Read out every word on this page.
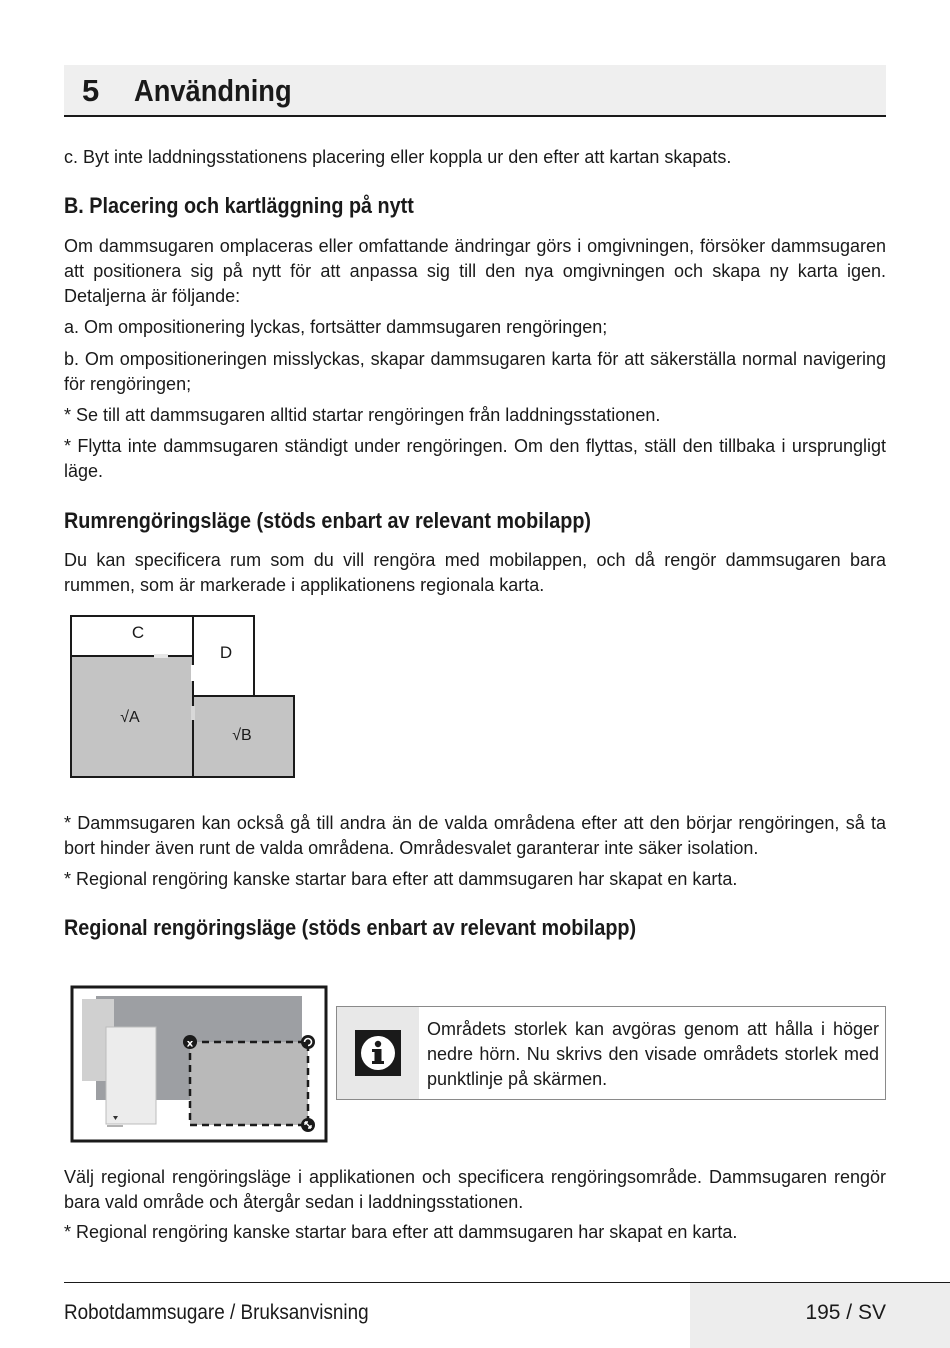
5 Användning

c. Byt inte laddningsstationens placering eller koppla ur den efter att kartan skapats.

B. Placering och kartläggning på nytt

Om dammsugaren omplaceras eller omfattande ändringar görs i omgivningen, försöker dammsugaren att positionera sig på nytt för att anpassa sig till den nya omgivningen och skapa ny karta igen. Detaljerna är följande:

a. Om ompositionering lyckas, fortsätter dammsugaren rengöringen;

b. Om ompositioneringen misslyckas, skapar dammsugaren karta för att säkerställa normal navigering för rengöringen;

* Se till att dammsugaren alltid startar rengöringen från laddningsstationen.

* Flytta inte dammsugaren ständigt under rengöringen. Om den flyttas, ställ den tillbaka i ursprungligt läge.

Rumrengöringsläge (stöds enbart av relevant mobilapp)

Du kan specificera rum som du vill rengöra med mobilappen, och då rengör dammsugaren bara rummen, som är markerade i applikationens regionala karta.

C
D
√A
√B

* Dammsugaren kan också gå till andra än de valda områdena efter att den börjar rengöringen, så ta bort hinder även runt de valda områdena. Områdesvalet garanterar inte säker isolation.

* Regional rengöring kanske startar bara efter att dammsugaren har skapat en karta.

Regional rengöringsläge (stöds enbart av relevant mobilapp)
x
Områdets storlek kan avgöras genom att hålla i höger nedre hörn. Nu skrivs den visade områdets storlek med punktlinje på skärmen.

Välj regional rengöringsläge i applikationen och specificera rengöringsområde. Dammsugaren rengör bara vald område och återgår sedan i laddningsstationen.

* Regional rengöring kanske startar bara efter att dammsugaren har skapat en karta.

Robotdammsugare / Bruksanvisning	195 / SV
